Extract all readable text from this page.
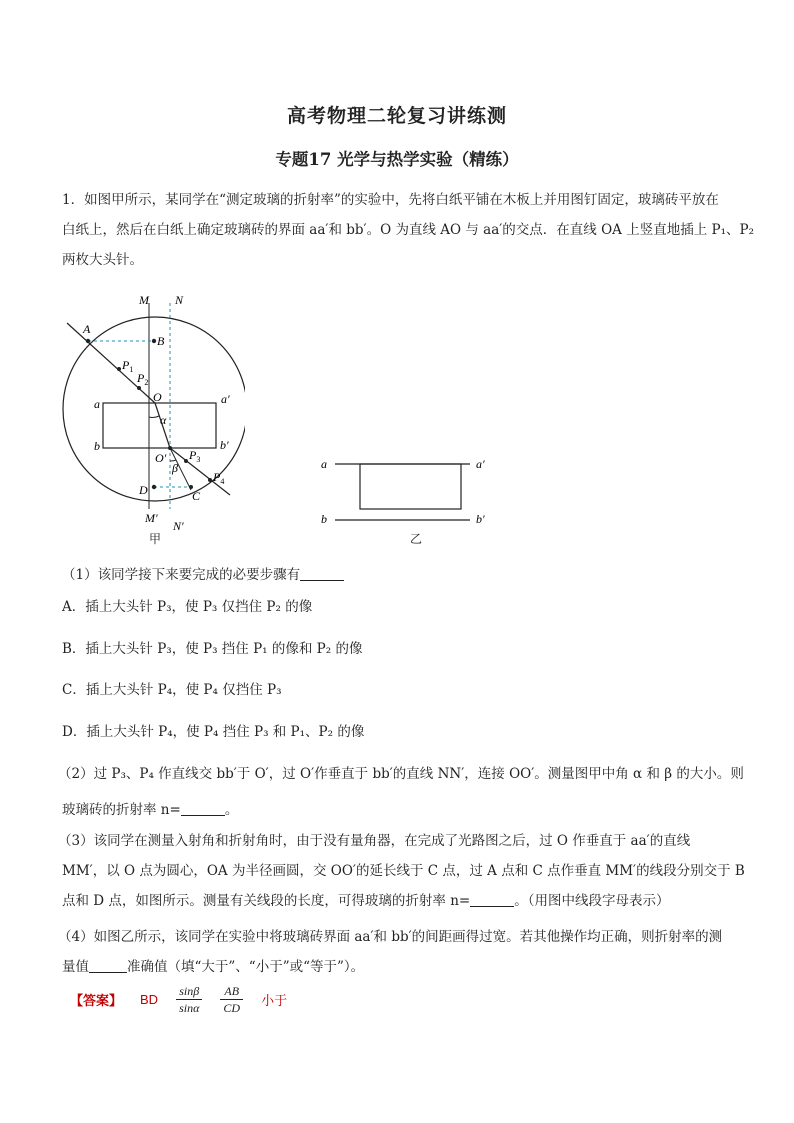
高考物理二轮复习讲练测
专题17 光学与热学实验（精练）

1．如图甲所示，某同学在“测定玻璃的折射率”的实验中，先将白纸平铺在木板上并用图钉固定，玻璃砖平放在

白纸上，然后在白纸上确定玻璃砖的界面 aa′和 bb′。O 为直线 AO 与 aa′的交点．在直线 OA 上竖直地插上 P₁、P₂

两枚大头针。

M N
M′
N′
A
B
D	C
O
O′
a	a′
b	b′
$P_1$
$P_2$
$P_3$
$P_4$
α
β
甲
a	a′
b	b′
乙
（1）该同学接下来要完成的必要步骤有

A．插上大头针 P₃，使 P₃ 仅挡住 P₂ 的像

B．插上大头针 P₃，使 P₃ 挡住 P₁ 的像和 P₂ 的像

C．插上大头针 P₄，使 P₄ 仅挡住 P₃

D．插上大头针 P₄，使 P₄ 挡住 P₃ 和 P₁、P₂ 的像

（2）过 P₃、P₄ 作直线交 bb′于 O′，过 O′作垂直于 bb′的直线 NN′，连接 OO′。测量图甲中角 α 和 β 的大小。则

玻璃砖的折射率 n=	。

（3）该同学在测量入射角和折射角时，由于没有量角器，在完成了光路图之后，过 O 作垂直于 aa′的直线

MM′，以 O 点为圆心，OA 为半径画圆，交 OO′的延长线于 C 点，过 A 点和 C 点作垂直 MM′的线段分别交于 B

点和 D 点，如图所示。测量有关线段的长度，可得玻璃的折射率 n=	。（用图中线段字母表示）

（4）如图乙所示，该同学在实验中将玻璃砖界面 aa′和 bb′的间距画得过宽。若其他操作均正确，则折射率的测

量值	准确值（填“大于”、“小于”或“等于”）。
【答案】 BD $\frac{\sin\beta}{\sin\alpha} \frac{AB}{CD}$ 小于
